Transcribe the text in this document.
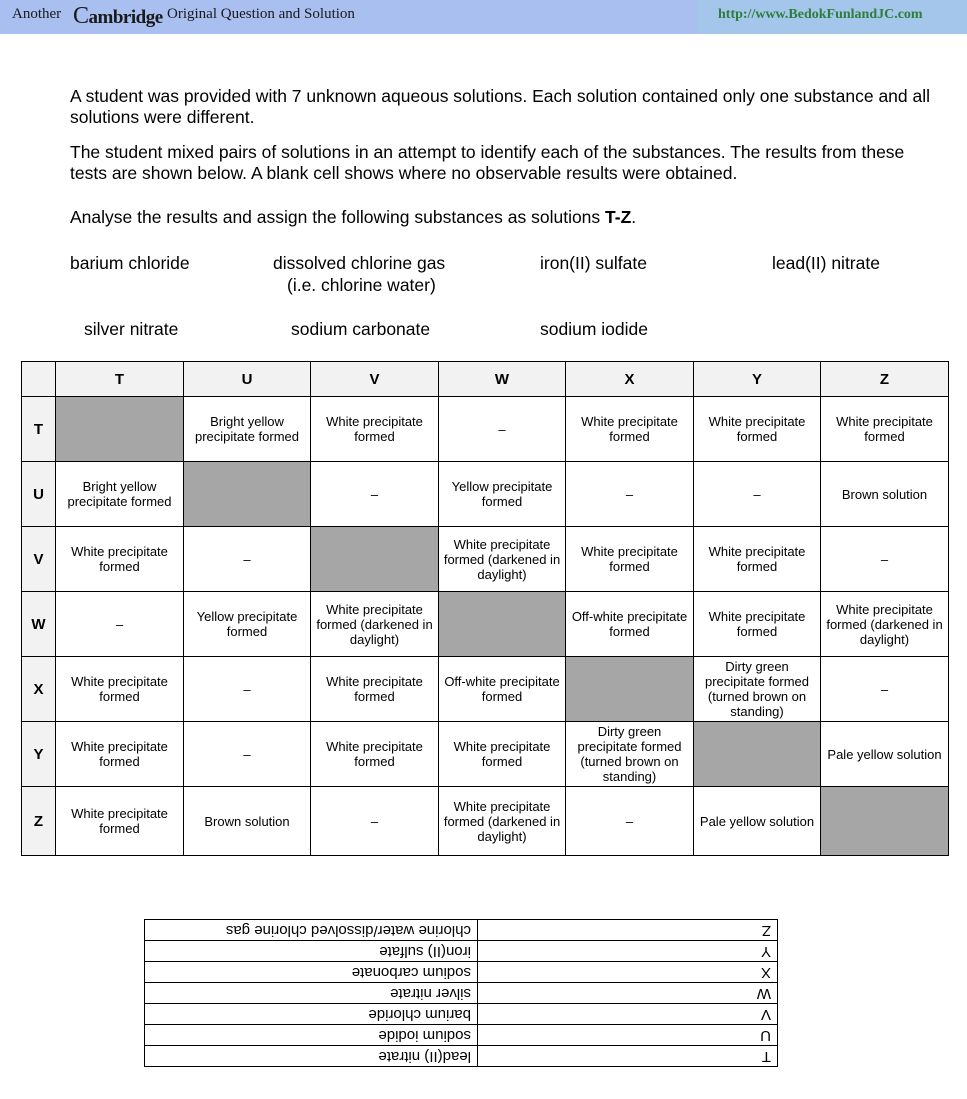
Another Cambridge Original Question and Solution	http://www.BedokFunlandJC.com
A student was provided with 7 unknown aqueous solutions. Each solution contained only one substance and all solutions were different.
The student mixed pairs of solutions in an attempt to identify each of the substances. The results from these tests are shown below. A blank cell shows where no observable results were obtained.
Analyse the results and assign the following substances as solutions T-Z.
barium chloride	dissolved chlorine gas
(i.e. chlorine water)
iron(II) sulfate	lead(II) nitrate
silver nitrate	sodium carbonate	sodium iodide
	T	U	V	W	X	Y	Z
T		Bright yellow precipitate formed	White precipitate formed	–	White precipitate formed	White precipitate formed	White precipitate formed
U	Bright yellow precipitate formed		–	Yellow precipitate formed	–	–	Brown solution
V	White precipitate formed	–		White precipitate formed (darkened in daylight)	White precipitate formed	White precipitate formed	–
W	–	Yellow precipitate formed	White precipitate formed (darkened in daylight)		Off-white precipitate formed	White precipitate formed	White precipitate formed (darkened in daylight)
X	White precipitate formed	–	White precipitate formed	Off-white precipitate formed		Dirty green precipitate formed (turned brown on standing)	–
Y	White precipitate formed	–	White precipitate formed	White precipitate formed	Dirty green precipitate formed (turned brown on standing)		Pale yellow solution
Z	White precipitate formed	Brown solution	–	White precipitate formed (darkened in daylight)	–	Pale yellow solution	
T	lead(II) nitrate
U	sodium iodide
V	barium chloride
W	silver nitrate
X	sodium carbonate
Y	iron(II) sulfate
Z	chlorine water/dissolved chlorine gas
